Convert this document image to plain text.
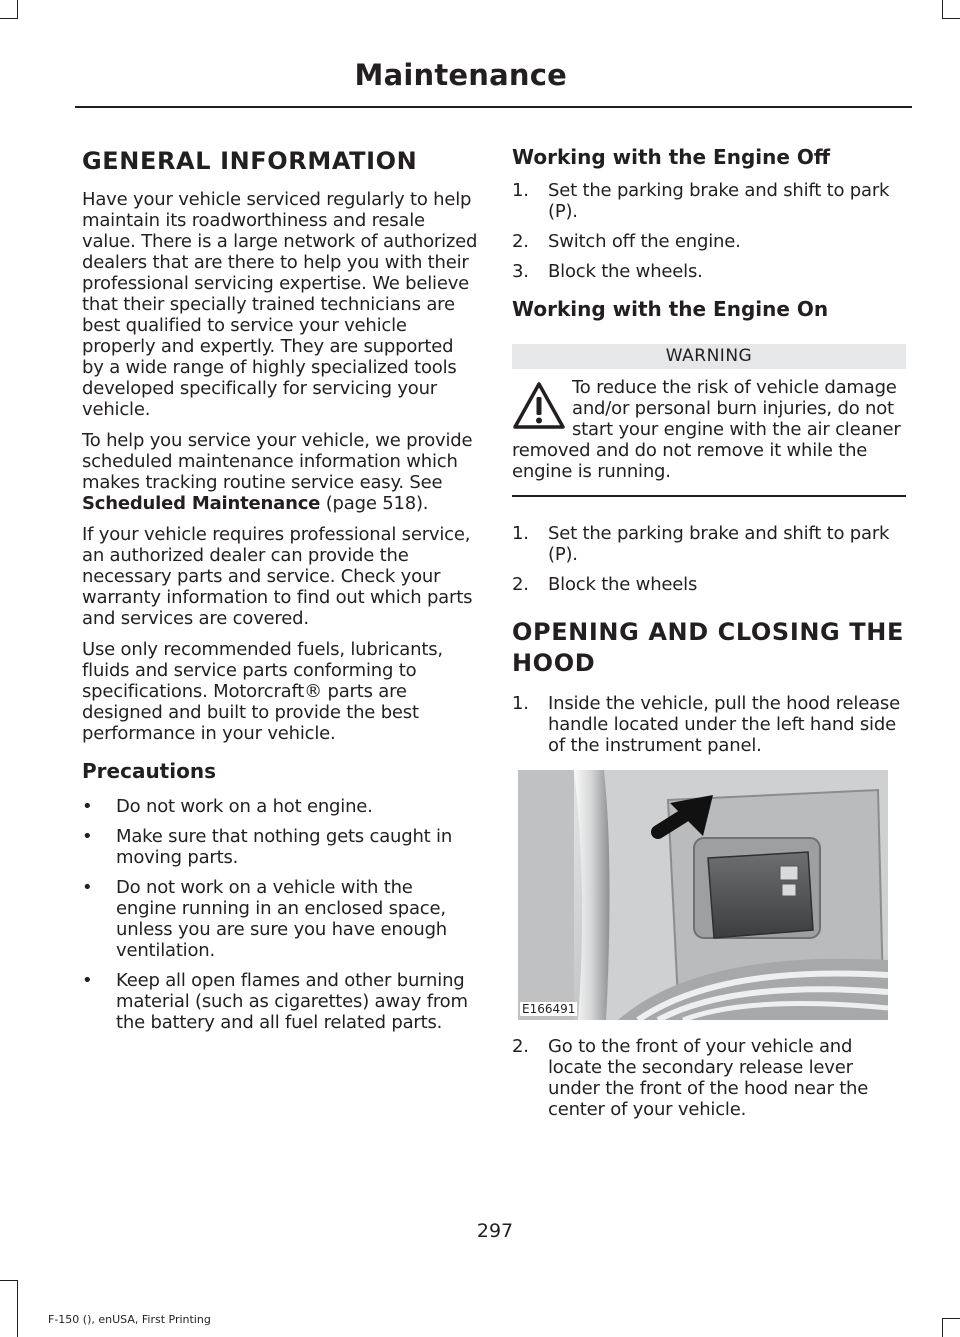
Maintenance
GENERAL INFORMATION

Have your vehicle serviced regularly to help maintain its roadworthiness and resale value. There is a large network of authorized dealers that are there to help you with their professional servicing expertise. We believe that their specially trained technicians are best qualified to service your vehicle properly and expertly. They are supported by a wide range of highly specialized tools developed specifically for servicing your vehicle.

To help you service your vehicle, we provide scheduled maintenance information which makes tracking routine service easy. See Scheduled Maintenance (page 518).

If your vehicle requires professional service, an authorized dealer can provide the necessary parts and service. Check your warranty information to find out which parts and services are covered.

Use only recommended fuels, lubricants, fluids and service parts conforming to specifications. Motorcraft® parts are designed and built to provide the best performance in your vehicle.

Precautions
• Do not work on a hot engine.
• Make sure that nothing gets caught in moving parts.
• Do not work on a vehicle with the engine running in an enclosed space, unless you are sure you have enough ventilation.
• Keep all open flames and other burning material (such as cigarettes) away from the battery and all fuel related parts.
Working with the Engine Off
1. Set the parking brake and shift to park (P).
2. Switch off the engine.
3. Block the wheels.
Working with the Engine On
WARNING
To reduce the risk of vehicle damage and/or personal burn injuries, do not start your engine with the air cleaner removed and do not remove it while the engine is running.
1. Set the parking brake and shift to park (P).
2. Block the wheels
OPENING AND CLOSING THE
HOOD
1. Inside the vehicle, pull the hood release handle located under the left hand side of the instrument panel.
E166491
2. Go to the front of your vehicle and locate the secondary release lever under the front of the hood near the center of your vehicle.
297
F-150 (), enUSA, First Printing
